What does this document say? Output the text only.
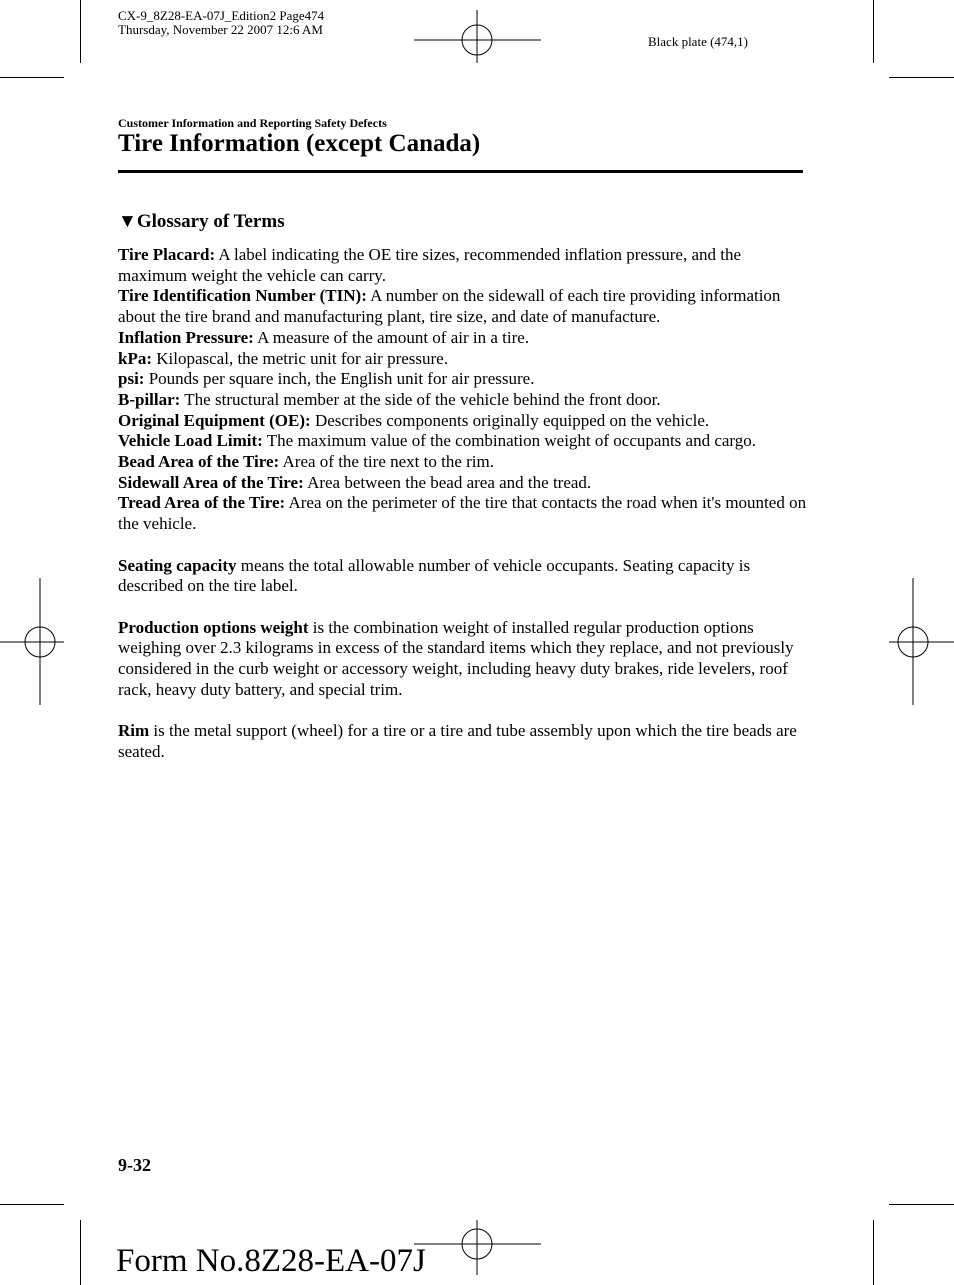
CX-9_8Z28-EA-07J_Edition2 Page474
Thursday, November 22 2007 12:6 AM
Black plate (474,1)
Customer Information and Reporting Safety Defects
Tire Information (except Canada)
▼Glossary of Terms

Tire Placard: A label indicating the OE tire sizes, recommended inflation pressure, and the maximum weight the vehicle can carry.

Tire Identification Number (TIN): A number on the sidewall of each tire providing information about the tire brand and manufacturing plant, tire size, and date of manufacture.

Inflation Pressure: A measure of the amount of air in a tire.

kPa: Kilopascal, the metric unit for air pressure.

psi: Pounds per square inch, the English unit for air pressure.

B-pillar: The structural member at the side of the vehicle behind the front door.

Original Equipment (OE): Describes components originally equipped on the vehicle.

Vehicle Load Limit: The maximum value of the combination weight of occupants and cargo.

Bead Area of the Tire: Area of the tire next to the rim.

Sidewall Area of the Tire: Area between the bead area and the tread.

Tread Area of the Tire: Area on the perimeter of the tire that contacts the road when it's mounted on the vehicle.

Seating capacity means the total allowable number of vehicle occupants. Seating capacity is described on the tire label.

Production options weight is the combination weight of installed regular production options weighing over 2.3 kilograms in excess of the standard items which they replace, and not previously considered in the curb weight or accessory weight, including heavy duty brakes, ride levelers, roof rack, heavy duty battery, and special trim.

Rim is the metal support (wheel) for a tire or a tire and tube assembly upon which the tire beads are seated.

9-32
Form No.8Z28-EA-07J
